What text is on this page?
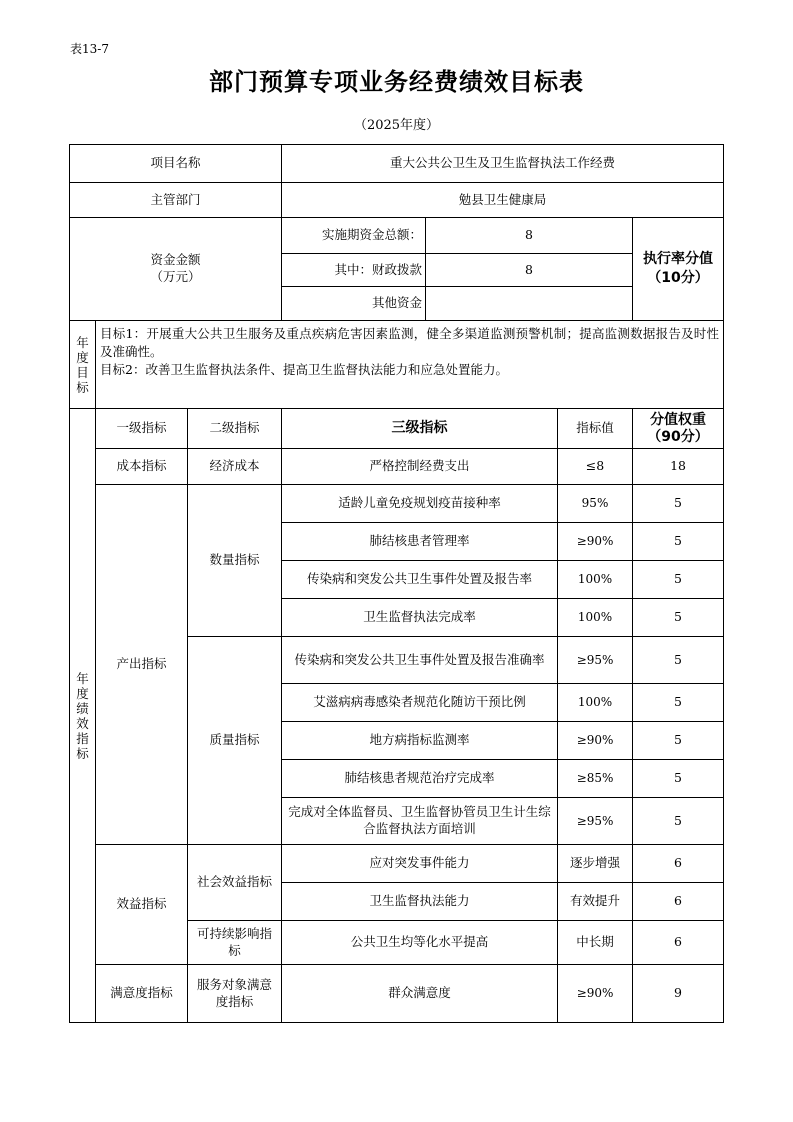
表13-7
部门预算专项业务经费绩效目标表
（2025年度）
项目名称			重大公共公卫生及卫生监督执法工作经费			
主管部门			勉县卫生健康局			
资金金额
（万元）			实施期资金总额：	8		执行率分值
（10分）
			其中：财政拨款	8		
			其他资金			

年度目标	目标1：开展重大公共卫生服务及重点疾病危害因素监测，健全多渠道监测预警机制；提高监测数据报告及时性及准确性。
目标2：改善卫生监督执法条件、提高卫生监督执法能力和应急处置能力。					

年度绩效指标	一级指标	二级指标	三级指标		指标值	分值权重
（90分）
	成本指标	经济成本	严格控制经费支出		≤8	18
	产出指标	数量指标	适龄儿童免疫规划疫苗接种率		95%	5
			肺结核患者管理率		≥90%	5
			传染病和突发公共卫生事件处置及报告率		100%	5
			卫生监督执法完成率		100%	5
		质量指标	传染病和突发公共卫生事件处置及报告准确率		≥95%	5
			艾滋病病毒感染者规范化随访干预比例		100%	5
			地方病指标监测率		≥90%	5
			肺结核患者规范治疗完成率		≥85%	5
			完成对全体监督员、卫生监督协管员卫生计生综合监督执法方面培训		≥95%	5
	效益指标	社会效益指标	应对突发事件能力		逐步增强	6
			卫生监督执法能力		有效提升	6
		可持续影响指标	公共卫生均等化水平提高		中长期	6
	满意度指标	服务对象满意度指标	群众满意度		≥90%	9
